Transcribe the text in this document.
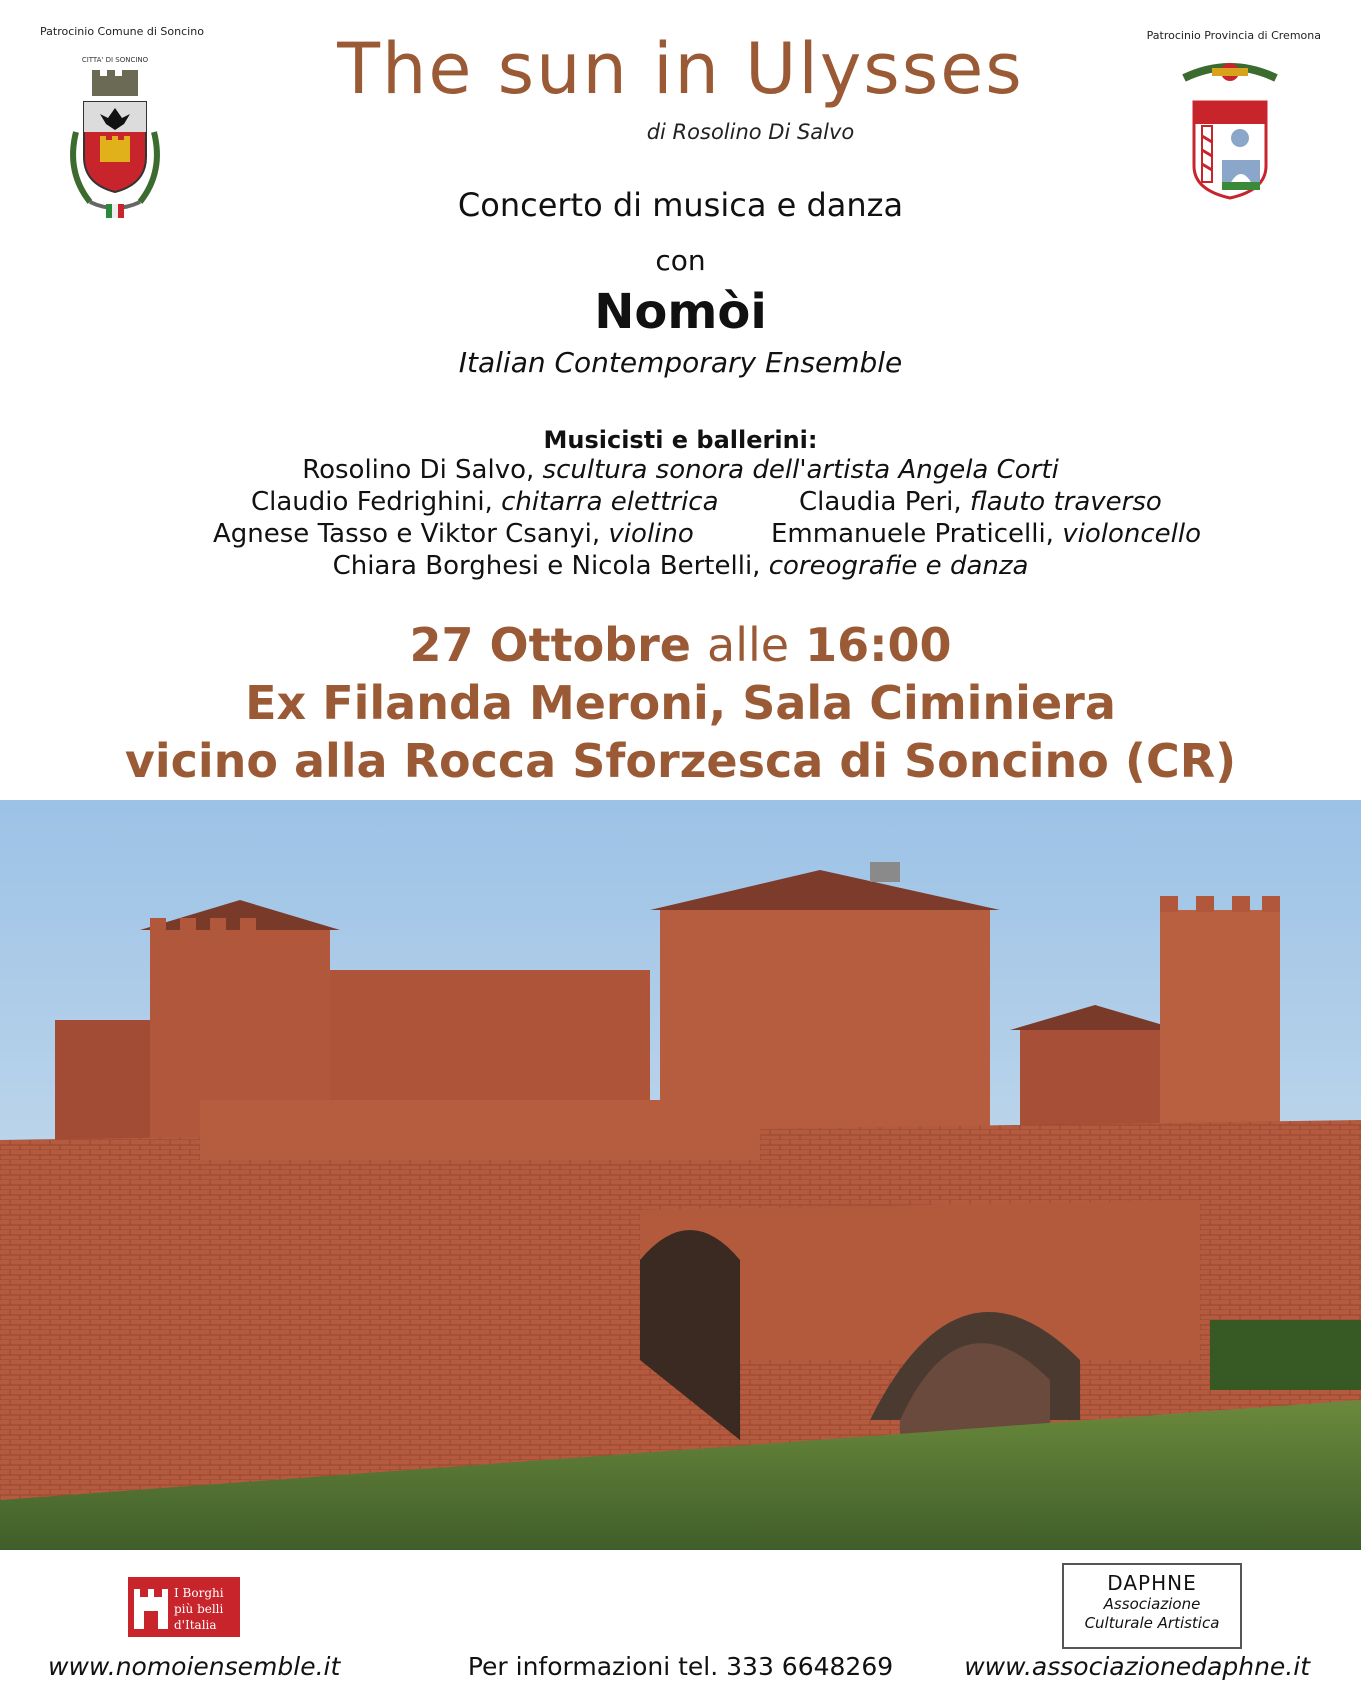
Patrocinio Comune di Soncino	Patrocinio Provincia di Cremona
CITTA' DI SONCINO	The sun in Ulysses
di Rosolino Di Salvo
Concerto di musica e danza
con
Nomòi
Italian Contemporary Ensemble
Musicisti e ballerini:
Rosolino Di Salvo, scultura sonora dell'artista Angela Corti
Claudio Fedrighini, chitarra elettrica	Claudia Peri, flauto traverso
Agnese Tasso e Viktor Csanyi, violino	Emmanuele Praticelli, violoncello
Chiara Borghesi e Nicola Bertelli, coreografie e danza
27 Ottobre alle 16:00
Ex Filanda Meroni, Sala Ciminiera
vicino alla Rocca Sforzesca di Soncino (CR)
I Borghi
più belli
d'Italia
DAPHNE
Associazione
Culturale Artistica
www.nomoiensemble.it	Per informazioni tel. 333 6648269	www.associazionedaphne.it
